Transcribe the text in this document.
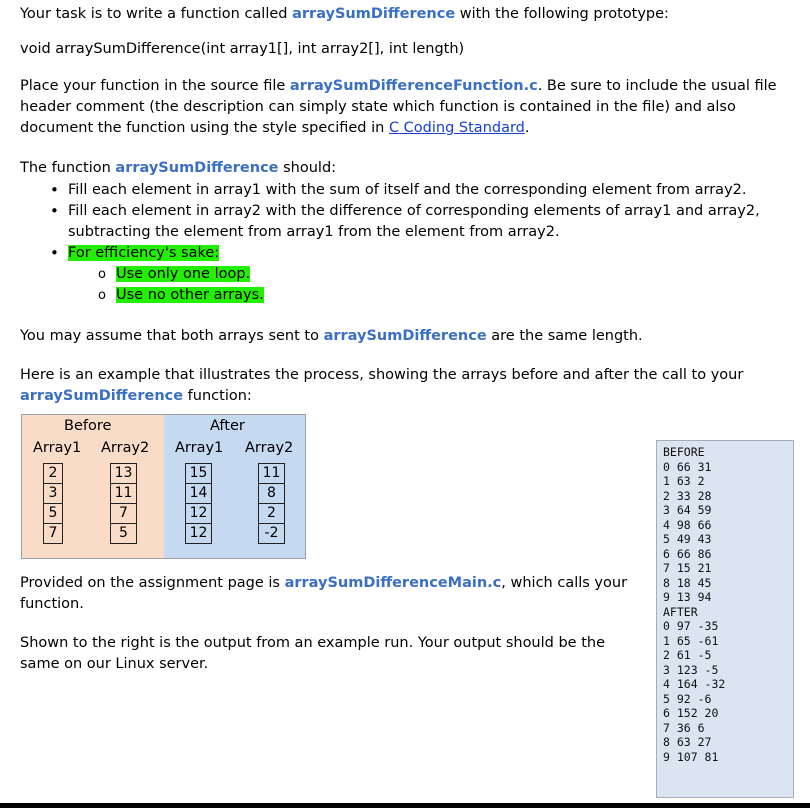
Your task is to write a function called arraySumDifference with the following prototype:

void arraySumDifference(int array1[], int array2[], int length)

Place your function in the source file arraySumDifferenceFunction.c. Be sure to include the usual file header comment (the description can simply state which function is contained in the file) and also document the function using the style specified in C Coding Standard.

The function arraySumDifference should:

• Fill each element in array1 with the sum of itself and the corresponding element from array2.
• Fill each element in array2 with the difference of corresponding elements of array1 and array2, subtracting the element from array1 from the element from array2.
• For efficiency's sake:
o Use only one loop.
o Use no other arrays.

You may assume that both arrays sent to arraySumDifference are the same length.

Here is an example that illustrates the process, showing the arrays before and after the call to your arraySumDifference function:

Before	After
Array1 Array2 Array1 Array2
2
3
5
7
13
11
7
5
15
14
12
12
11
8
2
-2

Provided on the assignment page is arraySumDifferenceMain.c, which calls your function.

Shown to the right is the output from an example run. Your output should be the same on our Linux server.

BEFORE
0 66 31
1 63 2
2 33 28
3 64 59
4 98 66
5 49 43
6 66 86
7 15 21
8 18 45
9 13 94
AFTER
0 97 -35
1 65 -61
2 61 -5
3 123 -5
4 164 -32
5 92 -6
6 152 20
7 36 6
8 63 27
9 107 81
